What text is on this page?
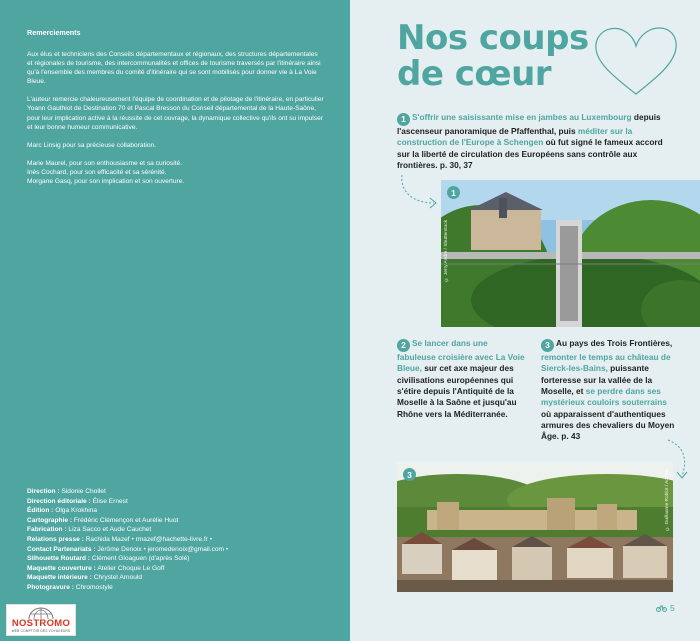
Remerciements

Aux élus et techniciens des Conseils départementaux et régionaux, des structures départementales et régionales de tourisme, des intercommunalités et offices de tourisme traversés par l'itinéraire ainsi qu'à l'ensemble des membres du comité d'itinéraire qui se sont mobilisés pour donner vie à La Voie Bleue.

L'auteur remercie chaleureusement l'équipe de coordination et de pilotage de l'itinéraire, en particulier Yoann Gauthiot de Destination 70 et Pascal Bresson du Conseil départemental de la Haute-Saône, pour leur implication active à la réussite de cet ouvrage, la dynamique collective qu'ils ont su impulser et leur bonne humeur communicative.

Marc Linsig pour sa précieuse collaboration.

Marie Maurel, pour son enthousiasme et sa curiosité.

Inès Cochard, pour son efficacité et sa sérénité.

Morgane Gasq, pour son implication et son ouverture.

Direction : Sidonie Chollet
Direction éditoriale : Élise Ernest
Édition : Olga Krokhina
Cartographie : Frédéric Clémençon et Aurélie Huot
Fabrication : Liza Sacco et Aude Cauchet
Relations presse : Rachida Mazef • rmazef@hachette-livre.fr •
Contact Partenariats : Jérôme Denoix • jeromedenoix@gmail.com •
Silhouette Routard : Clément Gloaguen (d'après Solé)
Maquette couverture : Atelier Choque Le Goff
Maquette intérieure : Chrystel Arnould
Photogravure : Chromostyle
NOSTROMO
WEB COMPTOIR DES VOYAGEURS
Nos coups
de cœur
1 S'offrir une saisissante mise en jambes au Luxembourg depuis l'ascenseur panoramique de Pfaffenthal, puis méditer sur la construction de l'Europe à Schengen où fut signé le fameux accord sur la liberté de circulation des Européens sans contrôle aux frontières. p. 30, 37
1
© Jerry Andre / Shutterstock
2 Se lancer dans une fabuleuse croisière avec La Voie Bleue, sur cet axe majeur des civilisations européennes qui s'étire depuis l'Antiquité de la Moselle à la Saône et jusqu'au Rhône vers la Méditerranée.
3 Au pays des Trois Frontières, remonter le temps au château de Sierck-les-Bains, puissante forteresse sur la vallée de la Moselle, et se perdre dans ses mystérieux couloirs souterrains où apparaissent d'authentiques armures des chevaliers du Moyen Âge. p. 43
3	© Guillaume Roblot / Adobe
5
